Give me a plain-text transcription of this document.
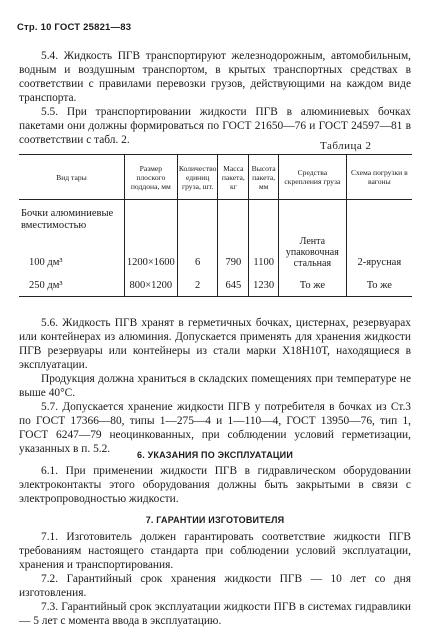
Стр. 10 ГОСТ 25821—83

5.4. Жидкость ПГВ транспортируют железнодорожным, автомобильным, водным и воздушным транспортом, в крытых транспортных средствах в соответствии с правилами перевозки грузов, действующими на каждом виде транспорта.

5.5. При транспортировании жидкости ПГВ в алюминиевых бочках пакетами они должны формироваться по ГОСТ 21650—76 и ГОСТ 24597—81 в соответствии с табл. 2.	Таблица 2
Вид тары	Размер плоского поддона, мм	Количество единиц груза, шт.	Масса пакета, кг	Высота пакета, мм	Средства скрепления груза	Схема погрузки в вагоны
Бочки алюминиевые вместимостью						
100 дм³	1200×1600	6	790	1100	Лента упаковочная стальная	2-ярусная
250 дм³	800×1200	2	645	1230	То же	То же

5.6. Жидкость ПГВ хранят в герметичных бочках, цистернах, резервуарах или контейнерах из алюминия. Допускается применять для хранения жидкости ПГВ резервуары или контейнеры из стали марки Х18Н10Т, находящиеся в эксплуатации.

Продукция должна храниться в складских помещениях при температуре не выше 40°С.

5.7. Допускается хранение жидкости ПГВ у потребителя в бочках из Ст.3 по ГОСТ 17366—80, типы 1—275—4 и 1—110—4, ГОСТ 13950—76, тип 1, ГОСТ 6247—79 неоцинкованных, при соблюдении условий герметизации, указанных в п. 5.2.	6. УКАЗАНИЯ ПО ЭКСПЛУАТАЦИИ

6.1. При применении жидкости ПГВ в гидравлическом оборудовании электроконтакты этого оборудования должны быть закрытыми в связи с электропроводностью жидкости.

7. ГАРАНТИИ ИЗГОТОВИТЕЛЯ

7.1. Изготовитель должен гарантировать соответствие жидкости ПГВ требованиям настоящего стандарта при соблюдении условий эксплуатации, хранения и транспортирования.

7.2. Гарантийный срок хранения жидкости ПГВ — 10 лет со дня изготовления.

7.3. Гарантийный срок эксплуатации жидкости ПГВ в системах гидравлики — 5 лет с момента ввода в эксплуатацию.
